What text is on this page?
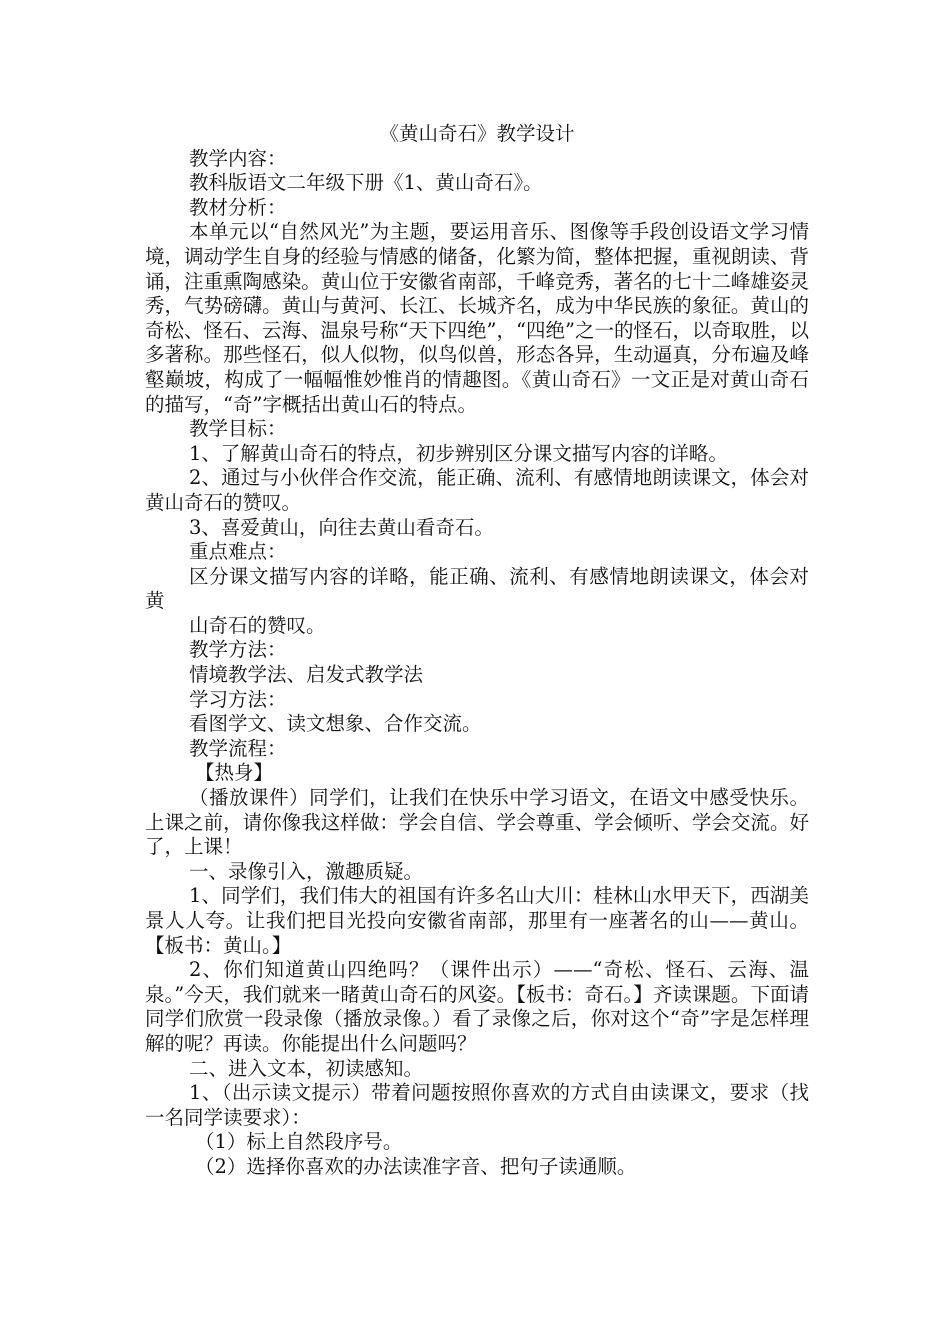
《黄山奇石》教学设计

教学内容：

教科版语文二年级下册《1、黄山奇石》。

教材分析：

本单元以“自然风光”为主题，要运用音乐、图像等手段创设语文学习情境，调动学生自身的经验与情感的储备，化繁为简，整体把握，重视朗读、背诵，注重熏陶感染。黄山位于安徽省南部，千峰竞秀，著名的七十二峰雄姿灵秀，气势磅礴。黄山与黄河、长江、长城齐名，成为中华民族的象征。黄山的奇松、怪石、云海、温泉号称“天下四绝”，“四绝”之一的怪石，以奇取胜，以多著称。那些怪石，似人似物，似鸟似兽，形态各异，生动逼真，分布遍及峰壑巅坡，构成了一幅幅惟妙惟肖的情趣图。《黄山奇石》一文正是对黄山奇石的描写，“奇”字概括出黄山石的特点。

教学目标：

1、了解黄山奇石的特点，初步辨别区分课文描写内容的详略。

2、通过与小伙伴合作交流，能正确、流利、有感情地朗读课文，体会对黄山奇石的赞叹。

3、喜爱黄山，向往去黄山看奇石。

重点难点：

区分课文描写内容的详略，能正确、流利、有感情地朗读课文，体会对黄

山奇石的赞叹。

教学方法：

情境教学法、启发式教学法

学习方法：

看图学文、读文想象、合作交流。

教学流程：

【热身】

（播放课件）同学们，让我们在快乐中学习语文，在语文中感受快乐。上课之前，请你像我这样做：学会自信、学会尊重、学会倾听、学会交流。好了，上课！

一、录像引入，激趣质疑。

1、同学们，我们伟大的祖国有许多名山大川：桂林山水甲天下，西湖美景人人夸。让我们把目光投向安徽省南部，那里有一座著名的山——黄山。【板书：黄山。】

2、你们知道黄山四绝吗？（课件出示）——“奇松、怪石、云海、温泉。”今天，我们就来一睹黄山奇石的风姿。【板书：奇石。】齐读课题。下面请同学们欣赏一段录像（播放录像。）看了录像之后，你对这个“奇”字是怎样理解的呢？再读。你能提出什么问题吗？

二、进入文本，初读感知。

1、（出示读文提示）带着问题按照你喜欢的方式自由读课文，要求（找一名同学读要求）：

（1）标上自然段序号。

（2）选择你喜欢的办法读准字音、把句子读通顺。
